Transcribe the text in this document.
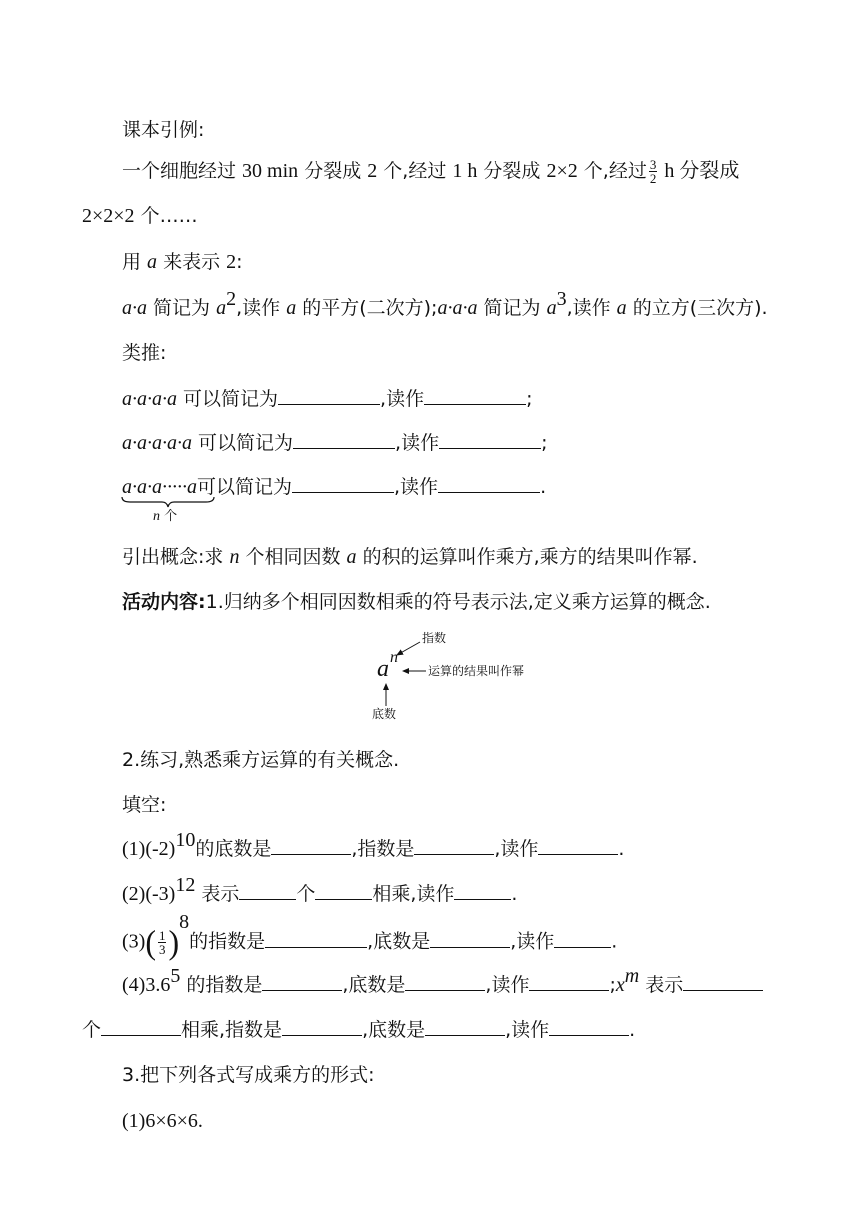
课本引例:
一个细胞经过 30 min 分裂成 2 个,经过 1 h 分裂成 2×2 个,经过 $\frac{3}{2}$ h 分裂成
2×2×2 个……
用 a 来表示 2:
a·a 简记为 $a^2$,读作 a 的平方(二次方);a·a·a 简记为 $a^3$,读作 a 的立方(三次方).
类推:
a·a·a·a 可以简记为	,读作	;
a·a·a·a·a 可以简记为	,读作	;
a·a·a·····a可以简记为	,读作	.
n 个
引出概念:求 n 个相同因数 a 的积的运算叫作乘方,乘方的结果叫作幂.
活动内容:1.归纳多个相同因数相乘的符号表示法,定义乘方运算的概念.
a n
指数
运算的结果叫作幂
底数
2.练习,熟悉乘方运算的有关概念.
填空:
$(1)(-2)^{10}$的底数是	,指数是	,读作	.
$(2)(-3)^{12}$ 表示	个	相乘,读作	.
$(3)( \frac{1}{3} )^8$的指数是	,底数是	,读作	.
$(4)3.6^5$ 的指数是	,底数是	,读作	$;x^m$ 表示
个	相乘,指数是	,底数是	,读作	.
3.把下列各式写成乘方的形式:
(1)6×6×6.
